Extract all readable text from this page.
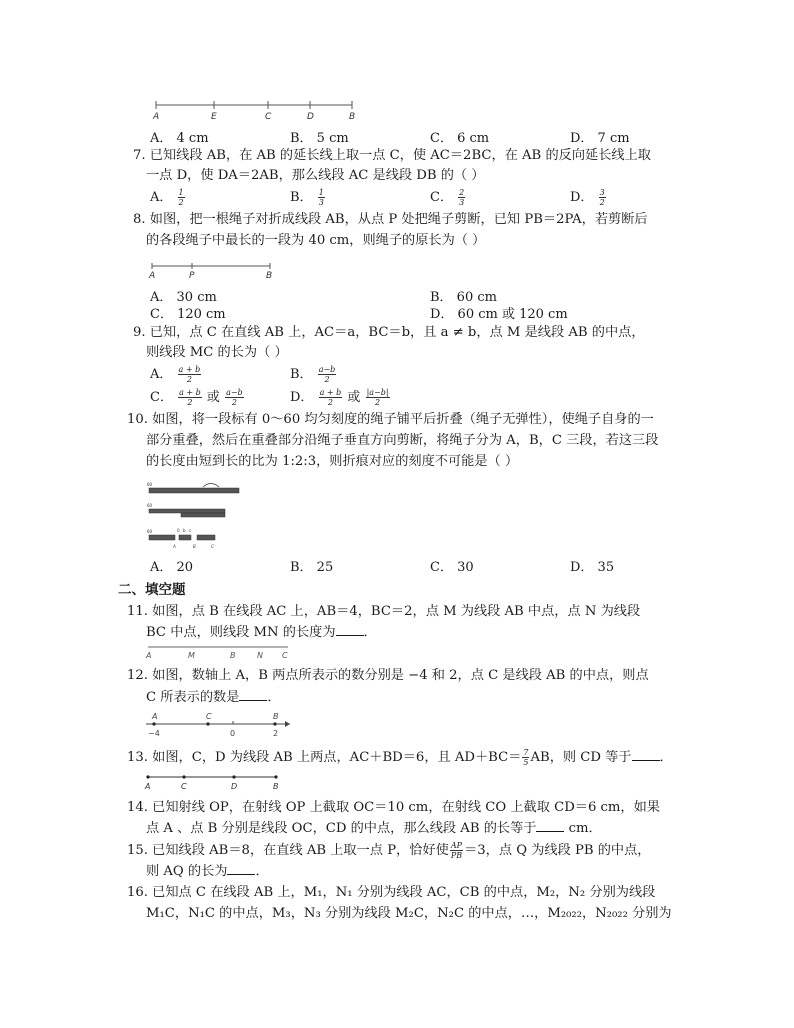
A	E	C	D	B
A． 4 cm	B． 5 cm	C． 6 cm	D． 7 cm
7. 已知线段 AB，在 AB 的延长线上取一点 C，使 AC＝2BC，在 AB 的反向延长线上取
一点 D，使 DA＝2AB，那么线段 AC 是线段 DB 的（ ）
A． $\frac{1}{2}$	B． $\frac{1}{3}$	C． $\frac{2}{3}$	D． $\frac{3}{2}$
8. 如图，把一根绳子对折成线段 AB，从点 P 处把绳子剪断，已知 PB＝2PA，若剪断后
的各段绳子中最长的一段为 40 cm，则绳子的原长为（ ）
A	P	B
A． 30 cm	B． 60 cm
C． 120 cm	D． 60 cm 或 120 cm
9. 已知，点 C 在直线 AB 上，AC＝a，BC＝b，且 a ≠ b，点 M 是线段 AB 的中点，
则线段 MC 的长为（ ）
A． $\frac{a + b}{2}$	B． $\frac{a-b}{2}$
C． $\frac{a + b}{2}$ 或 $\frac{a-b}{2}$	D． $\frac{a + b}{2}$ 或 $\frac{|a-b|}{2}$
10. 如图，将一段标有 0～60 均匀刻度的绳子铺平后折叠（绳子无弹性），使绳子自身的一
部分重叠，然后在重叠部分沿绳子垂直方向剪断，将绳子分为 A，B，C 三段，若这三段
的长度由短到长的比为 1:2:3，则折痕对应的刻度不可能是（ ）
60
60
60
A	B	C
0 b c
A． 20	B． 25	C． 30	D． 35
二、填空题
11. 如图，点 B 在线段 AC 上，AB＝4，BC＝2，点 M 为线段 AB 中点，点 N 为线段
BC 中点，则线段 MN 的长度为 ．
A	M	B	N C
12. 如图，数轴上 A，B 两点所表示的数分别是 −4 和 2，点 C 是线段 AB 的中点，则点
C 所表示的数是 ．
A	C	B
−4	0	2
13. 如图，C，D 为线段 AB 上两点，AC＋BD＝6，且 $AD+BC= \frac{7}{5}$ AB，则 CD 等于 ．
A	C	D	B
14. 已知射线 OP，在射线 OP 上截取 OC＝10 cm，在射线 CO 上截取 CD＝6 cm，如果
点 A 、点 B 分别是线段 OC，CD 的中点，那么线段 AB 的长等于 cm．
15. 已知线段 AB＝8，在直线 AB 上取一点 P，恰好使 $\frac{AP}{PB} =3$，点 Q 为线段 PB 的中点，
则 AQ 的长为 ．
16. 已知点 C 在线段 AB 上，M₁，N₁ 分别为线段 AC，CB 的中点，M₂，N₂ 分别为线段
M₁C，N₁C 的中点，M₃，N₃ 分别为线段 M₂C，N₂C 的中点，…，M₂₀₂₂，N₂₀₂₂ 分别为
